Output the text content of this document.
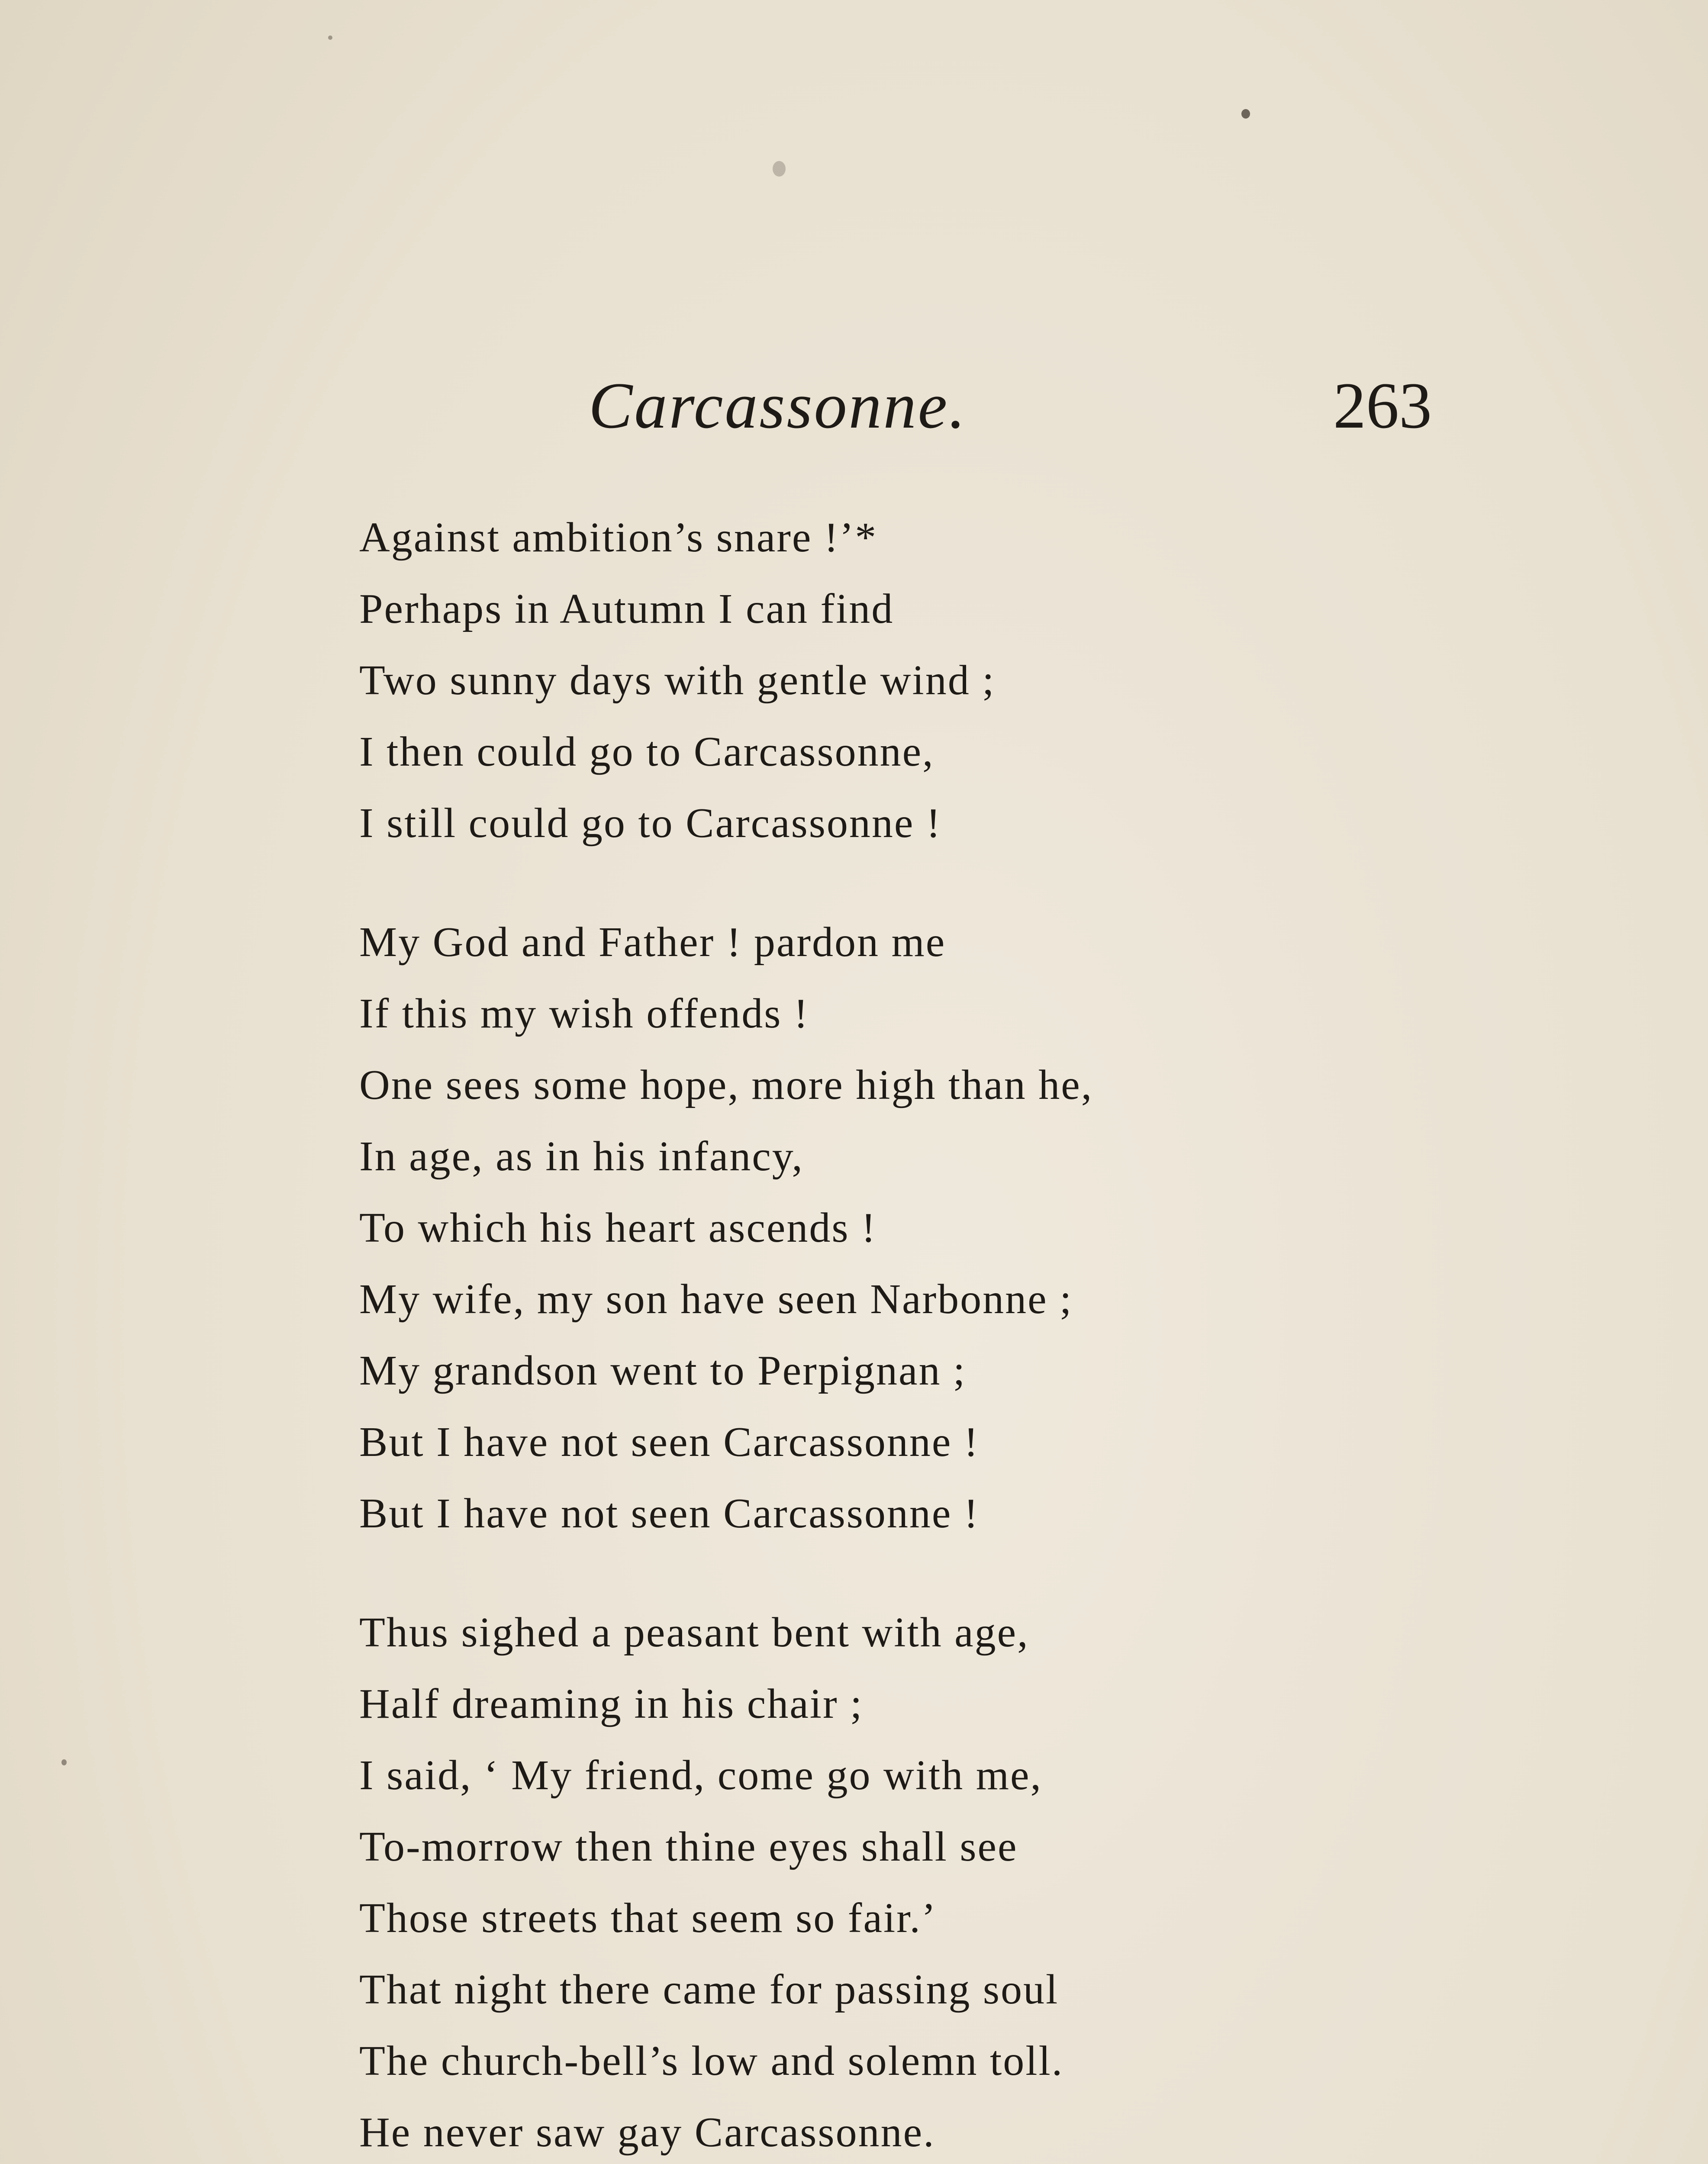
Carcassonne.	263
Against ambition’s snare !’*
Perhaps in Autumn I can find
Two sunny days with gentle wind ;
I then could go to Carcassonne,
I still could go to Carcassonne !
My God and Father ! pardon me
If this my wish offends !
One sees some hope, more high than he,
In age, as in his infancy,
To which his heart ascends !
My wife, my son have seen Narbonne ;
My grandson went to Perpignan ;
But I have not seen Carcassonne !
But I have not seen Carcassonne !
Thus sighed a peasant bent with age,
Half dreaming in his chair ;
I said, ‘ My friend, come go with me,
To-morrow then thine eyes shall see
Those streets that seem so fair.’
That night there came for passing soul
The church-bell’s low and solemn toll.
He never saw gay Carcassonne.
